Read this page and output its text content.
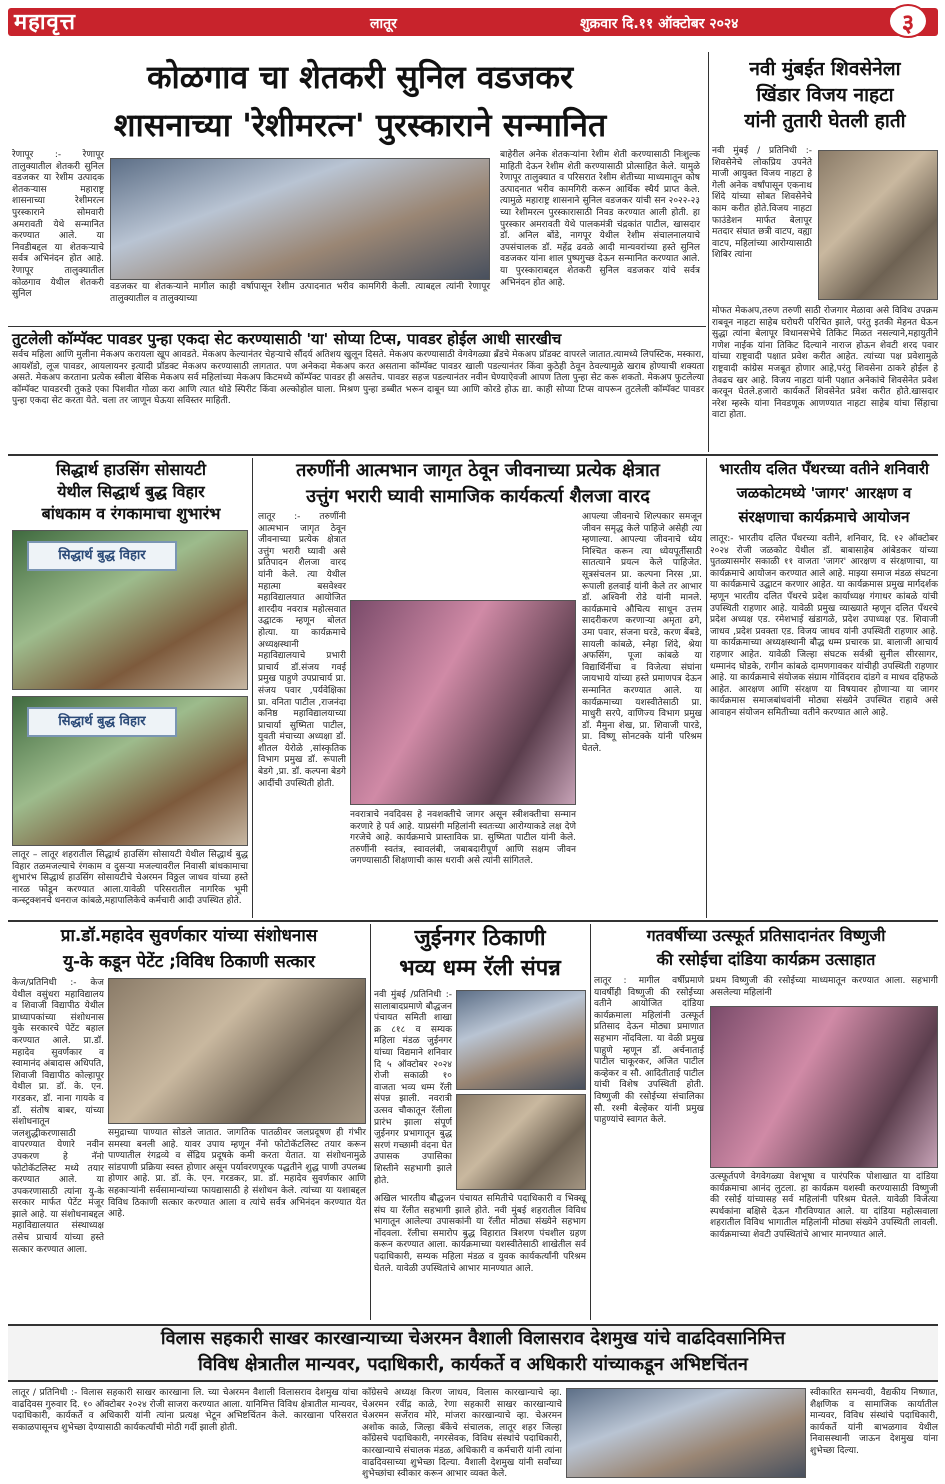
महावृत्त	लातूर	शुक्रवार दि.११ ऑक्टोबर २०२४	३
कोळगाव चा शेतकरी सुनिल वडजकर
शासनाच्या 'रेशीमरत्न' पुरस्काराने सन्मानित
रेणापूर :- रेणापूर तालुक्यातील शेतकरी सुनिल वडजकर या रेशीम उत्पादक शेतकऱ्यास महाराष्ट्र शासनाच्या रेशीमरत्न पुरस्काराने सोमवारी अमरावती येथे सन्मानित करण्यात आले. या निवडीबद्दल या शेतकऱ्याचे सर्वत्र अभिनंदन होत आहे. रेणापूर तालुक्यातील कोळगाव येथील शेतकरी सुनिल
वडजकर या शेतकऱ्याने मागील काही वर्षापासून रेशीम उत्पादनात भरीव कामगिरी केली. त्याबद्दल त्यांनी रेणापूर तालुक्यातील व तालुक्याच्या
बाहेरील अनेक शेतकऱ्यांना रेशीम शेती करण्यासाठी निःशुल्क माहिती देऊन रेशीम शेती करण्यासाठी प्रोत्साहित केले. यामुळे रेणापूर तालुक्यात व परिसरात रेशीम शेतीच्या माध्यमातून कोष उत्पादनात भरीव कामगिरी करून आर्थिक स्थैर्य प्राप्त केले. त्यामुळे महाराष्ट्र शासनाने सुनिल वडजकर यांची सन २०२२-२३ च्या रेशीमरत्न पुरस्कारासाठी निवड करण्यात आली होती. हा पुरस्कार अमरावती येथे पालकमंत्री चंद्रकांत पाटील, खासदार डॉ. अनिल बोंडे, नागपूर येथील रेशीम संचालनालयाचे उपसंचालक डॉ. महेंद्र ढवळे आदी मान्यवरांच्या हस्ते सुनिल वडजकर यांना शाल पुष्पगुच्छ देऊन सन्मानित करण्यात आले. या पुरस्काराबद्दल शेतकरी सुनिल वडजकर यांचे सर्वत्र अभिनंदन होत आहे.
नवी मुंबईत शिवसेनेला
खिंडार विजय नाहटा
यांनी तुतारी घेतली हाती
नवी मुंबई / प्रतिनिधी :- शिवसेनेचे लोकप्रिय उपनेते माजी आयुक्त विजय नाहटा हे गेली अनेक वर्षांपासून एकनाथ शिंदे यांच्या सोबत शिवसेनेचे काम करीत होते.विजय नाहटा फाउंडेशन मार्फत बेलापूर मतदार संघात छत्री वाटप, वह्या वाटप, महिलांच्या आरोग्यासाठी शिबिर त्यांना
मोफत मेकअप,तरुण तरुणी साठी रोजगार मेळावा असे विविध उपक्रम राबवून नाहटा साहेब घरोघरी परिचित झाले, परंतु इतकी मेहनत घेऊन सुद्धा त्यांना बेलापूर विधानसभेचे तिकिट मिळत नसल्याने,महायुतीने गणेश नाईक यांना तिकिट दिल्याने नाराज होऊन शेवटी शरद पवार यांच्या राष्ट्रवादी पक्षात प्रवेश करीत आहेत. त्यांच्या पक्ष प्रवेशामुळे राष्ट्रवादी कांग्रेस मजबूत होणार आहे,परंतु शिवसेना ठाकरे होईल हे तेवढच खर आहे. विजय नाहटा यांनी पक्षात अनेकांचे शिवसेनेत प्रवेश करवून घेतले.हजारो कार्यकर्ते शिवसेनेत प्रवेश करीत होते.खासदार नरेश म्हस्के यांना निवडणूक आणण्यात नाहटा साहेब यांचा सिंहाचा वाटा होता.
तुटलेली कॉम्पॅक्ट पावडर पुन्हा एकदा सेट करण्यासाठी 'या' सोप्या टिप्स, पावडर होईल आधी सारखीच
सर्वच महिला आणि मुलीना मेकअप करायला खूप आवडते. मेकअप केल्यानंतर चेहऱ्याचे सौंदर्य अतिशय खुलून दिसते. मेकअप करण्यासाठी वेगवेगळ्या ब्रँडचे मेकअप प्रॉडक्ट वापरले जातात.त्यामध्ये लिपस्टिक, मस्कारा, आयशॅडो, लूज पावडर, आयलायनर इत्यादी प्रॉडक्ट मेकअप करण्यासाठी लागतात. पण अनेकदा मेकअप करत असताना कॉम्पॅक्ट पावडर खाली पडल्यानंतर किंवा कुठेही ठेवून ठेवल्यामुळे खराब होण्याची शक्यता असते. मेकअप करताना प्रत्येक स्त्रीला बेसिक मेकअप सर्व महिलांच्या मेकअप किटमध्ये कॉम्पॅक्ट पावडर ही असतेच. पावडर सहज पडल्यानंतर नवीन घेण्याऐवजी आपण तिला पुन्हा सेट करू शकतो. मेकअप फुटलेल्या कॉम्पॅक्ट पावडरची तुकडे एका पिशवीत गोळा करा आणि त्यात थोडे स्पिरीट किंवा अल्कोहोल घाला. मिश्रण पुन्हा डब्बीत भरून दाबून घ्या आणि कोरडे होऊ द्या. काही सोप्या टिप्स वापरून तुटलेली कॉम्पॅक्ट पावडर पुन्हा एकदा सेट करता येते. चला तर जाणून घेऊया सविस्तर माहिती.
सिद्धार्थ हाउसिंग सोसायटी
येथील सिद्धार्थ बुद्ध विहार
बांधकाम व रंगकामाचा शुभारंभ
सिद्धार्थ बुद्ध विहार
सिद्धार्थ बुद्ध विहार
लातूर – लातूर शहरातील सिद्धार्थ हाउसिंग सोसायटी येथील सिद्धार्थ बुद्ध विहार तळमजल्याचे रंगकाम व दुसऱ्या मजल्यावरील निवासी बांधकामाचा शुभारंभ सिद्धार्थ हाउसिंग सोसायटीचे चेअरमन विठ्ठल जाधव यांच्या हस्ते नारळ फोडून करण्यात आला.यावेळी परिसरातील नागरिक भूमी कन्स्ट्रक्शनचे धनराज कांबळे,महापालिकेचे कर्मचारी आदी उपस्थित होते.
तरुणींनी आत्मभान जागृत ठेवून जीवनाच्या प्रत्येक क्षेत्रात
उत्तुंग भरारी घ्यावी सामाजिक कार्यकर्त्या शैलजा वारद
लातूर :- तरुणींनी आत्मभान जागृत ठेवून जीवनाच्या प्रत्येक क्षेत्रात उत्तुंग भरारी घ्यावी असे प्रतिपादन शैलजा वारद यांनी केले. त्या येथील महात्मा बसवेश्वर महाविद्यालयात आयोजित शारदीय नवरात्र महोत्सवात उद्घाटक म्हणून बोलत होत्या. या कार्यक्रमाचे अध्यक्षस्थानी महाविद्यालयाचे प्रभारी प्राचार्य डॉ.संजय गवई प्रमुख पाहुणे उपप्राचार्य प्रा. संजय पवार ,पर्यवेक्षिका प्रा. वनिता पाटील ,राजनंदा कनिष्ठ महाविद्यालयाच्या प्राचार्या सुष्मिता पाटील, युवती मंचाच्या अध्यक्षा डॉ. शीतल येरोळे ,सांस्कृतिक विभाग प्रमुख डॉ. रूपाली बेडगे ,प्रा. डॉ. कल्पना बेडगे आदींची उपस्थिती होती.
नवरात्राचे नवदिवस हे नवशक्तीचे जागर असून स्त्रीशक्तीचा सन्मान करणारे हे पर्व आहे. याप्रसंगी महिलांनी स्वतःच्या आरोग्याकडे लक्ष देणे गरजेचे आहे. कार्यक्रमाचे प्रास्ताविक प्रा. सुष्मिता पाटील यांनी केले. तरुणींनी स्वतंत्र, स्वावलंबी, जबाबदारीपूर्ण आणि सक्षम जीवन जगण्यासाठी शिक्षणाची कास धरावी असे त्यांनी सांगितले.
आपल्या जीवनाचे शिल्पकार समजून जीवन समृद्ध केले पाहिजे असेही त्या म्हणाल्या. आपल्या जीवनाचे ध्येय निश्चित करून त्या ध्येयपूर्तीसाठी सातत्याने प्रयत्न केले पाहिजेत. सूत्रसंचलन प्रा. कल्पना निरस ,प्रा. रूपाली हलवाई यांनी केले तर आभार डॉ. अश्विनी रोडे यांनी मानले. कार्यक्रमाचे औचित्य साधून उत्तम सादरीकरण करणाऱ्या अमृता ढगे, उमा पवार, संजना घरडे, करण बेंबडे, सायली कांबळे, स्नेहा शिंदे, श्रेया अफसिंग, पूजा कांबळे या विद्यार्थिनींचा व विजेत्या संघांना जायभाये यांच्या हस्ते प्रमाणपत्र देऊन सन्मानित करण्यात आले. या कार्यक्रमाच्या यशस्वीतेसाठी प्रा. माधुरी सरपे, वाणिज्य विभाग प्रमुख डॉ. मैमुना शेख, प्रा. शिवाजी पारडे, प्रा. विष्णू सोनटक्के यांनी परिश्रम घेतले.
भारतीय दलित पँथरच्या वतीने शनिवारी
जळकोटमध्ये 'जागर' आरक्षण व
संरक्षणाचा कार्यक्रमाचे आयोजन
लातूर:- भारतीय दलित पँथरच्या वतीने, शनिवार, दि. १२ ऑक्टोबर २०२४ रोजी जळकोट येथील डॉ. बाबासाहेब आंबेडकर यांच्या पुतळ्यासमोर सकाळी ११ वाजता 'जागर' आरक्षण व संरक्षणाचा, या कार्यक्रमाचे आयोजन करण्यात आले आहे. माझ्या समाज मंडळ संघटना या कार्यक्रमाचे उद्घाटन करणार आहेत. या कार्यक्रमास प्रमुख मार्गदर्शक म्हणून भारतीय दलित पँथरचे प्रदेश कार्याध्यक्ष गंगाधर कांबळे यांची उपस्थिती राहणार आहे. यावेळी प्रमुख व्याख्याते म्हणून दलित पँथरचे प्रदेश अध्यक्ष एड. रमेशभाई खंडागळे, प्रदेश उपाध्यक्ष एड. शिवाजी जाधव ,प्रदेश प्रवक्ता एड. विजय जाधव यांनी उपस्थिती राहणार आहे. या कार्यक्रमाच्या अध्यक्षस्थानी बौद्ध धम्म प्रचारक प्रा. बालाजी आचार्य राहणार आहेत. यावेळी जिल्हा संघटक सर्वश्री सुनील सीरसागर, धम्मानंद घोडके, रागीन कांबळे दामणगावकर यांचीही उपस्थिती राहणार आहे. या कार्यक्रमाचे संयोजक संग्राम गोविंदराव दांडगे व माधव दहिफळे आहेत. आरक्षण आणि संरक्षण या विषयावर होणाऱ्या या जागर कार्यक्रमास समाजबांधवांनी मोठ्या संख्येने उपस्थित राहावे असे आवाहन संयोजन समितीच्या वतीने करण्यात आले आहे.
प्रा.डॉ.महादेव सुवर्णकार यांच्या संशोधनास
यु-के कडून पेटेंट ;विविध ठिकाणी सत्कार
केज/प्रतिनिधी :- केज येथील वसुंधरा महाविद्यालय व शिवाजी विद्यापीठ येथील प्राध्यापकांच्या संशोधनास युके सरकारचे पेटेंट बहाल करण्यात आले. प्रा.डॉ. महादेव सुवर्णकार व स्वामानंद अंबादास अधिपति, शिवाजी विद्यापीठ कोल्हापूर येथील प्रा. डॉ. के. एन. गरडकर, डॉ. नाना गायके व डॉ. संतोष बाबर, यांच्या संशोधनातून जलशुद्धीकरणासाठी वापरण्यात येणारे नवीन उपकरण हे नॅनो फोटोकॅटलिस्ट मध्ये तयार करण्यात आले. या उपकरणासाठी त्यांना यु-के सरकार मार्फत पेटेंट मंजूर झाले आहे. या संशोधनाबद्दल महाविद्यालयात संस्थाध्यक्ष तसेच प्राचार्य यांच्या हस्ते सत्कार करण्यात आला.
समुद्राच्या पाण्यात सोडले जातात. जागतिक पातळीवर जलप्रदूषण ही गंभीर समस्या बनली आहे. यावर उपाय म्हणून नॅनो फोटोकॅटलिस्ट तयार करून पाण्यातील रंगद्रव्ये व सेंद्रिय प्रदूषके कमी करता येतात. या संशोधनामुळे सांडपाणी प्रक्रिया स्वस्त होणार असून पर्यावरणपूरक पद्धतीने शुद्ध पाणी उपलब्ध होणार आहे. प्रा. डॉ. के. एन. गरडकर, प्रा. डॉ. महादेव सुवर्णकार आणि सहकाऱ्यांनी सर्वसामान्यांच्या फायद्यासाठी हे संशोधन केले. त्यांच्या या यशाबद्दल विविध ठिकाणी सत्कार करण्यात आला व त्यांचे सर्वत्र अभिनंदन करण्यात येत आहे.
जुईनगर ठिकाणी
भव्य धम्म रॅली संपन्न
नवी मुंबई /प्रतिनिधी :- सालाबादप्रमाणे बौद्धजन पंचायत समिती शाखा क्र ८१८ व सम्यक महिला मंडळ जुईनगर यांच्या विद्यमाने शनिवार दि ५ ऑक्टोबर २०२४ रोजी सकाळी १० वाजता भव्य धम्म रॅली संपन्न झाली. नवरात्री उत्सव चौकातून रॅलीला प्रारंभ झाला संपूर्ण जुईनगर प्रभागातून बुद्ध सरणं गच्छामी वंदना घेत उपासक उपासिका शिस्तीने सहभागी झाले होते.
अखिल भारतीय बौद्धजन पंचायत समितीचे पदाधिकारी व भिक्खू संघ या रॅलीत सहभागी झाले होते. नवी मुंबई शहरातील विविध भागातून आलेल्या उपासकांनी या रॅलीत मोठ्या संख्येने सहभाग नोंदवला. रॅलीचा समारोप बुद्ध विहारात त्रिशरण पंचशील ग्रहण करून करण्यात आला. कार्यक्रमाच्या यशस्वीतेसाठी शाखेतील सर्व पदाधिकारी, सम्यक महिला मंडळ व युवक कार्यकर्त्यांनी परिश्रम घेतले. यावेळी उपस्थितांचे आभार मानण्यात आले.
गतवर्षीच्या उत्स्फूर्त प्रतिसादानंतर विष्णुजी
की रसोईचा दांडिया कार्यक्रम उत्साहात
लातूर : मागील वर्षीप्रमाणे यावर्षीही विष्णुजी की रसोईच्या वतीने आयोजित दांडिया कार्यक्रमाला महिलांनी उत्स्फूर्त प्रतिसाद देऊन मोठ्या प्रमाणात सहभाग नोंदविला. या वेळी प्रमुख पाहुणे म्हणून डॉ. अर्चनाताई पाटील चाकूरकर, अजित पाटील कव्हेकर व सौ. आदितीताई पाटील यांची विशेष उपस्थिती होती. विष्णुजी की रसोईच्या संचालिका सौ. रश्मी बेल्हेकर यांनी प्रमुख पाहुण्यांचे स्वागत केले.
प्रथम विष्णुजी की रसोईच्या माध्यमातून करण्यात आला. सहभागी असलेल्या महिलांनी
उत्स्फूर्तपणे वेगवेगळ्या वेशभूषा व पारंपरिक पोशाखात या दांडिया कार्यक्रमाचा आनंद लुटला. हा कार्यक्रम यशस्वी करण्यासाठी विष्णुजी की रसोई यांच्यासह सर्व महिलांनी परिश्रम घेतले. यावेळी विजेत्या स्पर्धकांना बक्षिसे देऊन गौरविण्यात आले. या दांडिया महोत्सवाला शहरातील विविध भागातील महिलांनी मोठ्या संख्येने उपस्थिती लावली. कार्यक्रमाच्या शेवटी उपस्थितांचे आभार मानण्यात आले.
विलास सहकारी साखर कारखान्याच्या चेअरमन वैशाली विलासराव देशमुख यांचे वाढदिवसानिमित्त
विविध क्षेत्रातील मान्यवर, पदाधिकारी, कार्यकर्ते व अधिकारी यांच्याकडून अभिष्टचिंतन
लातूर / प्रतिनिधी :- विलास सहकारी साखर कारखाना लि. च्या चेअरमन वैशाली विलासराव देशमुख यांचा वाढदिवस गुरुवार दि. १० ऑक्टोबर २०२४ रोजी साजरा करण्यात आला. यानिमित्त विविध क्षेत्रातील मान्यवर, पदाधिकारी, कार्यकर्ते व अधिकारी यांनी त्यांना प्रत्यक्ष भेटून अभिष्टचिंतन केले. कारखाना परिसरात सकाळपासूनच शुभेच्छा देण्यासाठी कार्यकर्त्यांची मोठी गर्दी झाली होती.
कॉंग्रेसचे अध्यक्ष किरण जाधव, विलास कारखान्याचे व्हा. चेअरमन रवींद्र काळे, रेणा सहकारी साखर कारखान्याचे चेअरमन सर्जेराव मोरे, मांजरा कारखान्याचे व्हा. चेअरमन अशोक काळे, जिल्हा बँकेचे संचालक, लातूर शहर जिल्हा काँग्रेसचे पदाधिकारी, नगरसेवक, विविध संस्थांचे पदाधिकारी, कारखान्याचे संचालक मंडळ, अधिकारी व कर्मचारी यांनी त्यांना वाढदिवसाच्या शुभेच्छा दिल्या. वैशाली देशमुख यांनी सर्वांच्या शुभेच्छांचा स्वीकार करून आभार व्यक्त केले.
स्वीकारित समन्वयी, वैद्यकीय निष्णात, शैक्षणिक व सामाजिक कार्यातील मान्यवर, विविध संस्थांचे पदाधिकारी, कार्यकर्ते यांनी बाभळगाव येथील निवासस्थानी जाऊन देशमुख यांना शुभेच्छा दिल्या.
